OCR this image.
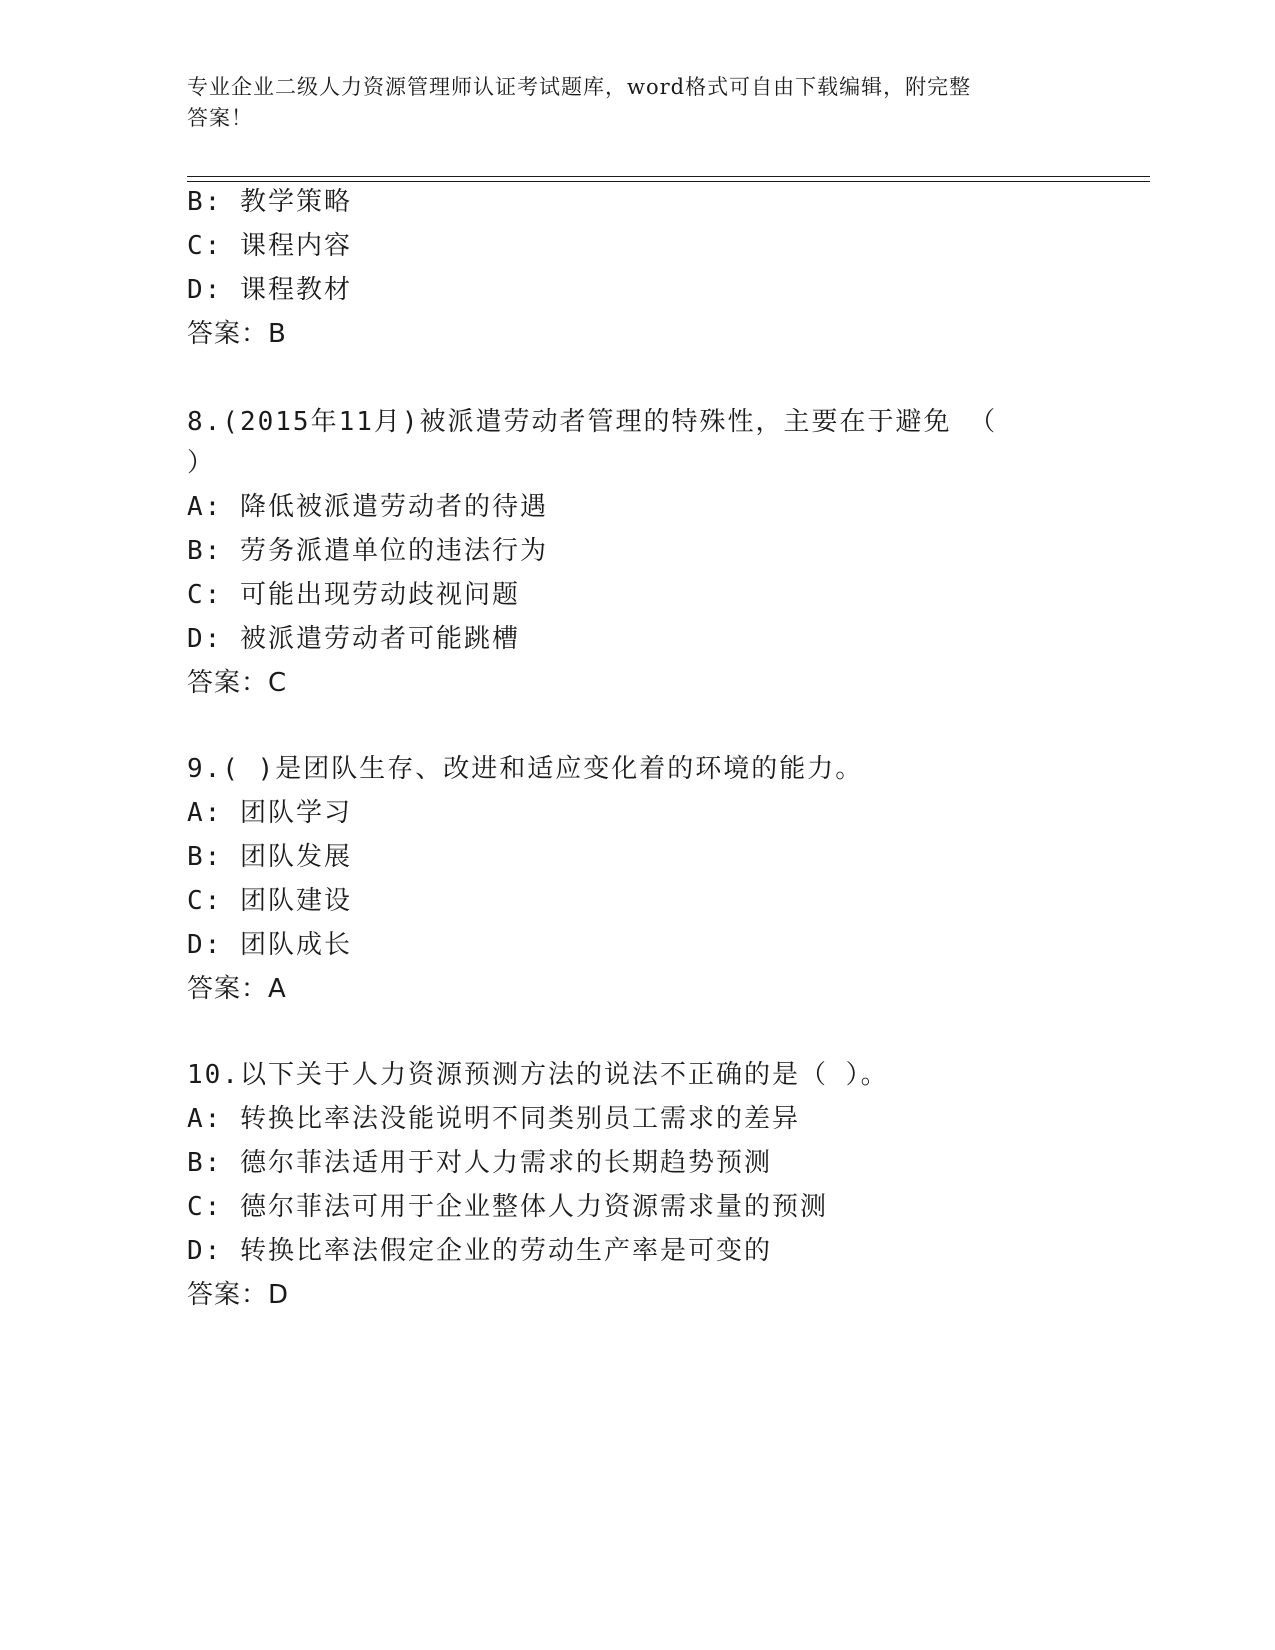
专业企业二级人力资源管理师认证考试题库，word格式可自由下载编辑，附完整
答案！
B: 教学策略
C: 课程内容
D: 课程教材
答案：B
8.(2015年11月)被派遣劳动者管理的特殊性，主要在于避免 （
）
A: 降低被派遣劳动者的待遇
B: 劳务派遣单位的违法行为
C: 可能出现劳动歧视问题
D: 被派遣劳动者可能跳槽
答案：C
9.( )是团队生存、改进和适应变化着的环境的能力。
A: 团队学习
B: 团队发展
C: 团队建设
D: 团队成长
答案：A
10.以下关于人力资源预测方法的说法不正确的是（ ）。
A: 转换比率法没能说明不同类别员工需求的差异
B: 德尔菲法适用于对人力需求的长期趋势预测
C: 德尔菲法可用于企业整体人力资源需求量的预测
D: 转换比率法假定企业的劳动生产率是可变的
答案：D
